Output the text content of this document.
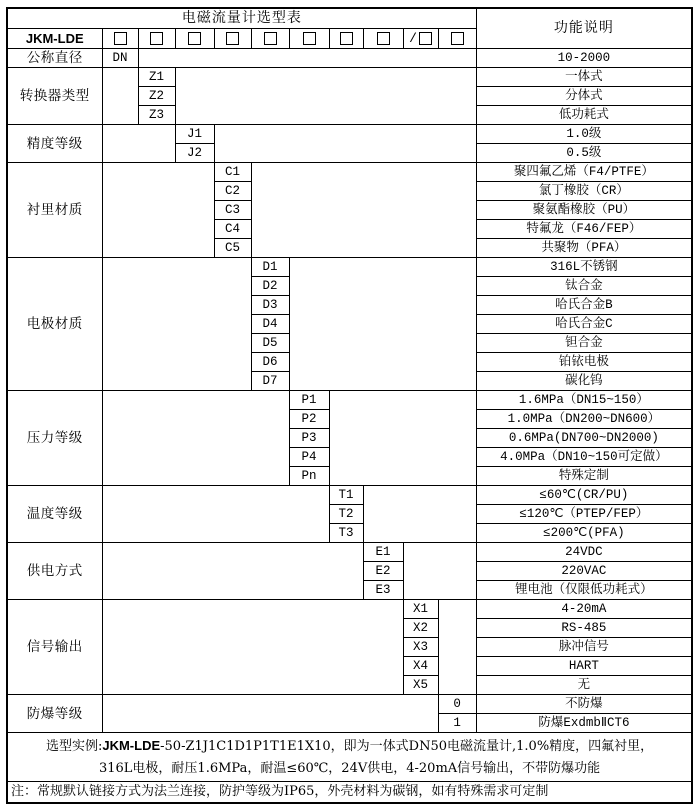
电磁流量计选型表											功能说明
JKM-LDE									/		
公称直径	DN										10-2000
转换器类型		Z1									一体式
		Z2									分体式
		Z3									低功耗式
精度等级			J1								1.0级
			J2								0.5级
衬里材质				C1							聚四氟乙烯（F4/PTFE）
				C2							氯丁橡胶（CR）
				C3							聚氨酯橡胶（PU）
				C4							特氟龙（F46/FEP）
				C5							共聚物（PFA）
电极材质					D1						316L不锈钢
					D2						钛合金
					D3						哈氏合金B
					D4						哈氏合金C
					D5						钽合金
					D6						铂铱电极
					D7						碳化钨
压力等级						P1					1.6MPa（DN15~150）
						P2					1.0MPa（DN200~DN600）
						P3					0.6MPa(DN700~DN2000)
						P4					4.0MPa（DN10~150可定做）
						Pn					特殊定制
温度等级							T1				≤60℃(CR/PU)
							T2				≤120℃（PTEP/FEP）
							T3				≤200℃(PFA)
供电方式								E1			24VDC
								E2			220VAC
								E3			锂电池（仅限低功耗式）
信号输出									X1		4-20mA
									X2		RS-485
									X3		脉冲信号
									X4		HART
									X5		无
防爆等级										0	不防爆
										1	防爆ExdmbⅡCT6

选型实例:JKM-LDE-50-Z1J1C1D1P1T1E1X10，即为一体式DN50电磁流量计,1.0%精度，四氟衬里，
316L电极，耐压1.6MPa，耐温≤60℃，24V供电，4-20mA信号输出，不带防爆功能											

注：常规默认链接方式为法兰连接，防护等级为IP65，外壳材料为碳钢，如有特殊需求可定制											
